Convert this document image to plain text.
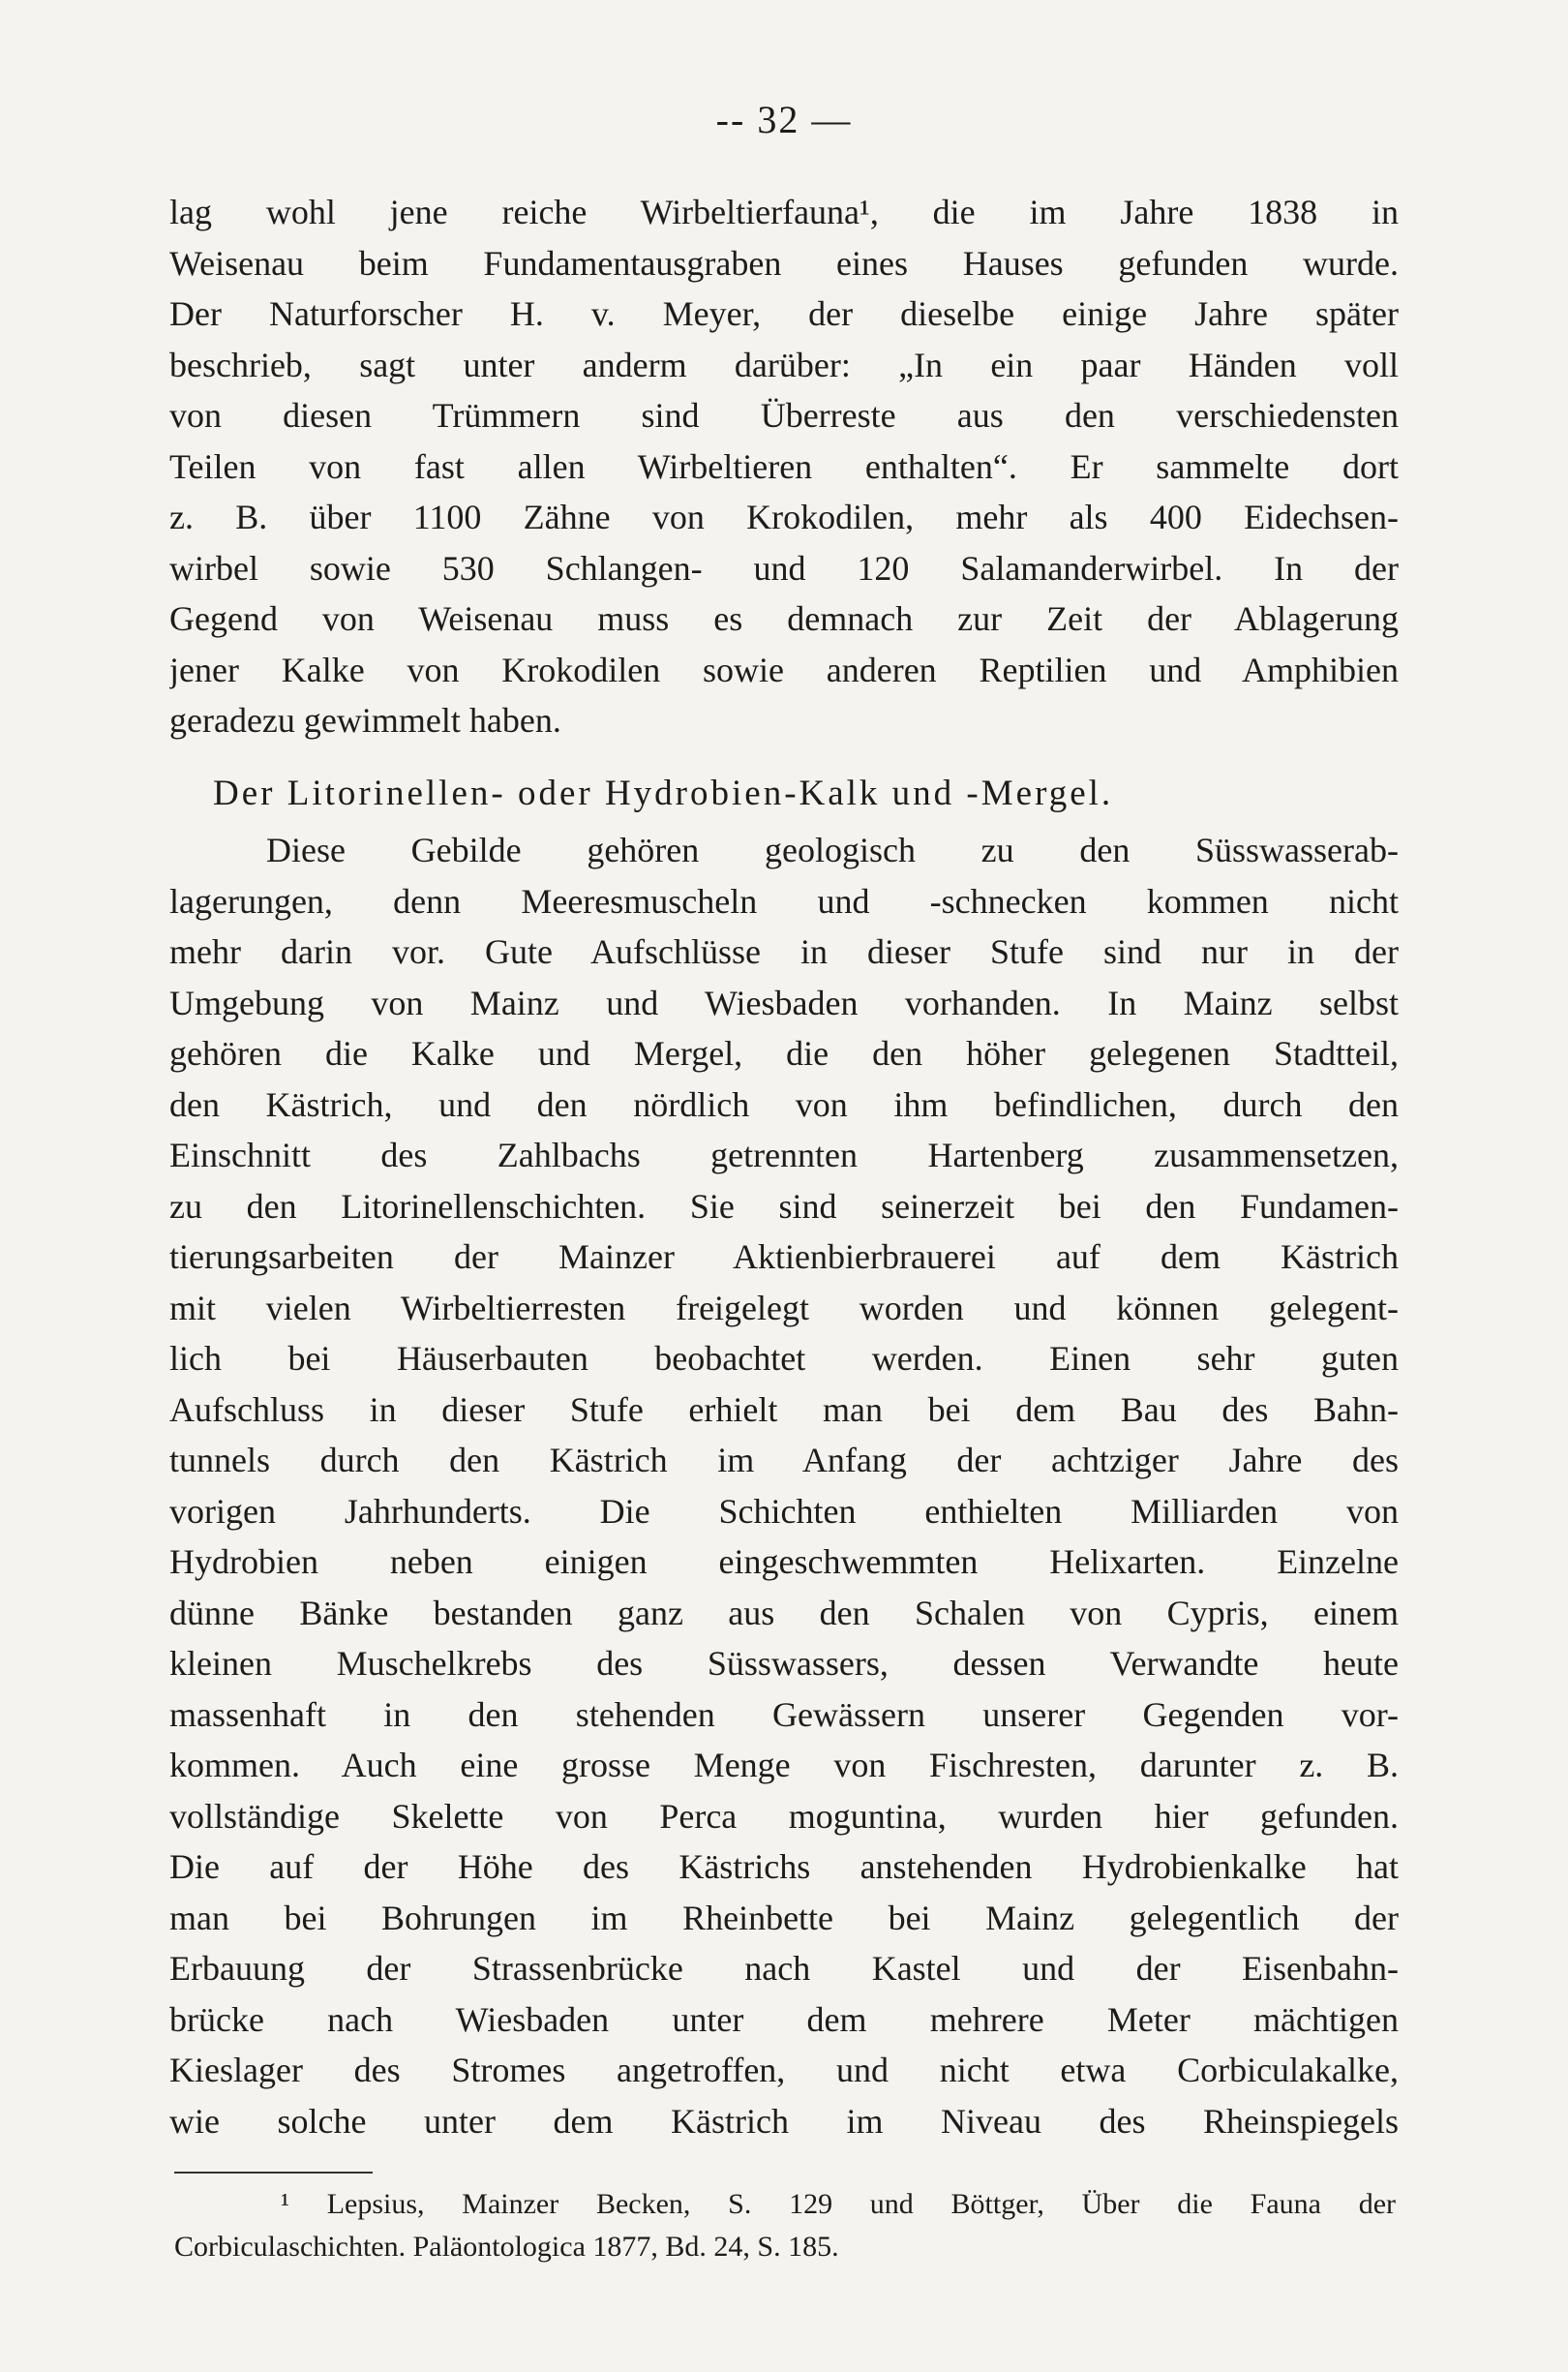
-- 32 —
lag wohl jene reiche Wirbeltierfauna¹, die im Jahre 1838 in
Weisenau beim Fundamentausgraben eines Hauses gefunden wurde.
Der Naturforscher H. v. Meyer, der dieselbe einige Jahre später
beschrieb, sagt unter anderm darüber: „In ein paar Händen voll
von diesen Trümmern sind Überreste aus den verschiedensten
Teilen von fast allen Wirbeltieren enthalten“. Er sammelte dort
z. B. über 1100 Zähne von Krokodilen, mehr als 400 Eidechsen-
wirbel sowie 530 Schlangen- und 120 Salamanderwirbel. In der
Gegend von Weisenau muss es demnach zur Zeit der Ablagerung
jener Kalke von Krokodilen sowie anderen Reptilien und Amphibien
geradezu gewimmelt haben.
Der Litorinellen- oder Hydrobien-Kalk und -Mergel.
Diese Gebilde gehören geologisch zu den Süsswasserab-
lagerungen, denn Meeresmuscheln und -schnecken kommen nicht
mehr darin vor. Gute Aufschlüsse in dieser Stufe sind nur in der
Umgebung von Mainz und Wiesbaden vorhanden. In Mainz selbst
gehören die Kalke und Mergel, die den höher gelegenen Stadtteil,
den Kästrich, und den nördlich von ihm befindlichen, durch den
Einschnitt des Zahlbachs getrennten Hartenberg zusammensetzen,
zu den Litorinellenschichten. Sie sind seinerzeit bei den Fundamen-
tierungsarbeiten der Mainzer Aktienbierbrauerei auf dem Kästrich
mit vielen Wirbeltierresten freigelegt worden und können gelegent-
lich bei Häuserbauten beobachtet werden. Einen sehr guten
Aufschluss in dieser Stufe erhielt man bei dem Bau des Bahn-
tunnels durch den Kästrich im Anfang der achtziger Jahre des
vorigen Jahrhunderts. Die Schichten enthielten Milliarden von
Hydrobien neben einigen eingeschwemmten Helixarten. Einzelne
dünne Bänke bestanden ganz aus den Schalen von Cypris, einem
kleinen Muschelkrebs des Süsswassers, dessen Verwandte heute
massenhaft in den stehenden Gewässern unserer Gegenden vor-
kommen. Auch eine grosse Menge von Fischresten, darunter z. B.
vollständige Skelette von Perca moguntina, wurden hier gefunden.
Die auf der Höhe des Kästrichs anstehenden Hydrobienkalke hat
man bei Bohrungen im Rheinbette bei Mainz gelegentlich der
Erbauung der Strassenbrücke nach Kastel und der Eisenbahn-
brücke nach Wiesbaden unter dem mehrere Meter mächtigen
Kieslager des Stromes angetroffen, und nicht etwa Corbiculakalke,
wie solche unter dem Kästrich im Niveau des Rheinspiegels
¹ Lepsius, Mainzer Becken, S. 129 und Böttger, Über die Fauna der
Corbiculaschichten. Paläontologica 1877, Bd. 24, S. 185.
